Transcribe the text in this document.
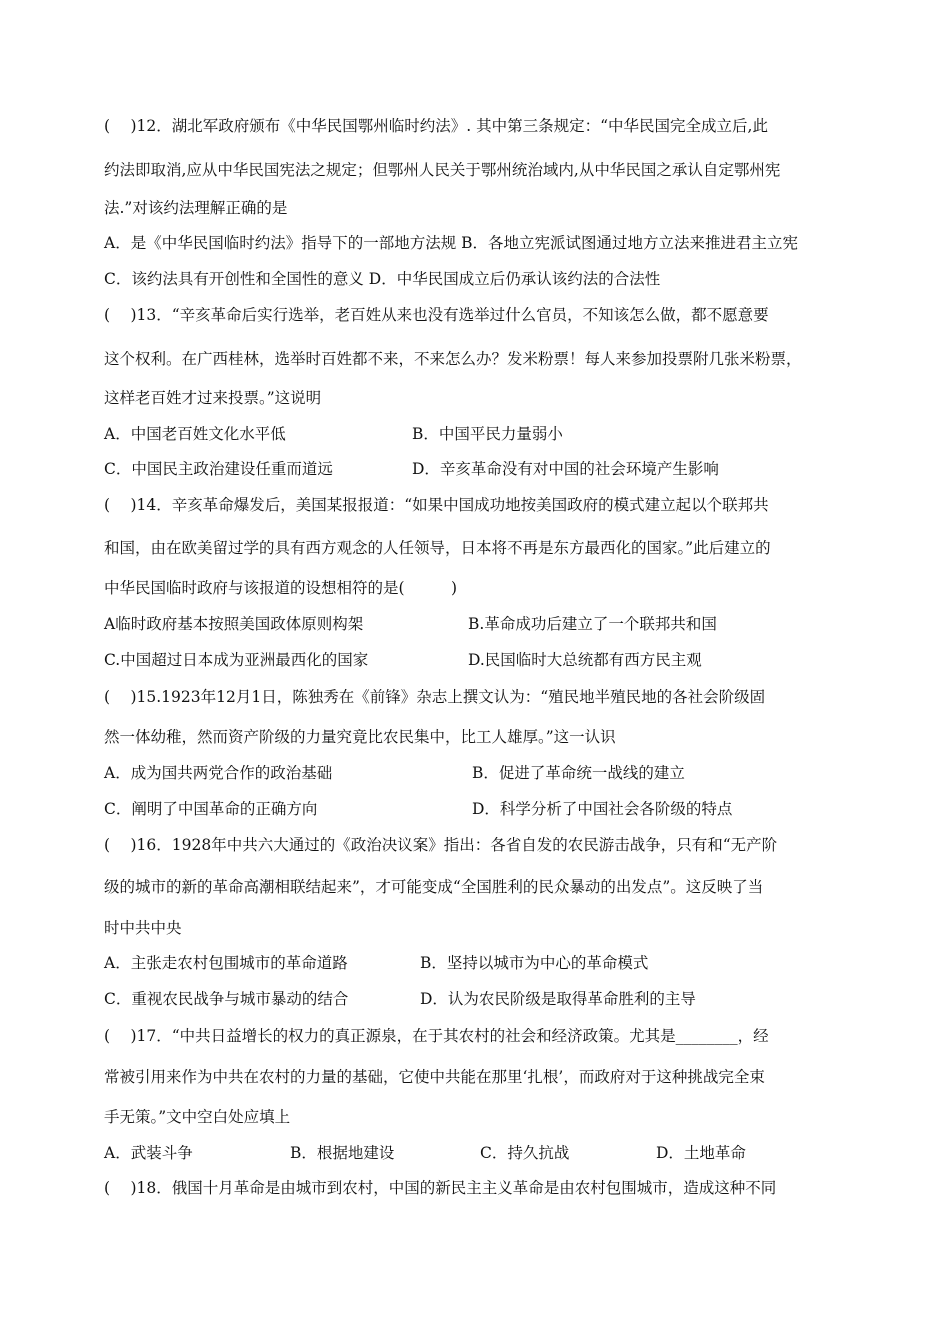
(　 )12．湖北军政府颁布《中华民国鄂州临时约法》. 其中第三条规定：“中华民国完全成立后,此
约法即取消,应从中华民国宪法之规定；但鄂州人民关于鄂州统治域内,从中华民国之承认自定鄂州宪
法.”对该约法理解正确的是
A．是《中华民国临时约法》指导下的一部地方法规 B．各地立宪派试图通过地方立法来推进君主立宪
C．该约法具有开创性和全国性的意义 D．中华民国成立后仍承认该约法的合法性
(　 )13．“辛亥革命后实行选举，老百姓从来也没有选举过什么官员，不知该怎么做，都不愿意要
这个权利。在广西桂林，选举时百姓都不来，不来怎么办？发米粉票！每人来参加投票附几张米粉票，
这样老百姓才过来投票。”这说明
A．中国老百姓文化水平低	B．中国平民力量弱小
C．中国民主政治建设任重而道远	D．辛亥革命没有对中国的社会环境产生影响
(　 )14．辛亥革命爆发后，美国某报报道：“如果中国成功地按美国政府的模式建立起以个联邦共
和国，由在欧美留过学的具有西方观念的人任领导，日本将不再是东方最西化的国家。”此后建立的
中华民国临时政府与该报道的设想相符的是(　　　)
A临时政府基本按照美国政体原则构架	B.革命成功后建立了一个联邦共和国
C.中国超过日本成为亚洲最西化的国家	D.民国临时大总统都有西方民主观
(　 )15.1923年12月1日，陈独秀在《前锋》杂志上撰文认为：“殖民地半殖民地的各社会阶级固
然一体幼稚，然而资产阶级的力量究竟比农民集中，比工人雄厚。”这一认识
A．成为国共两党合作的政治基础	B．促进了革命统一战线的建立
C．阐明了中国革命的正确方向	D．科学分析了中国社会各阶级的特点
(　 )16．1928年中共六大通过的《政治决议案》指出：各省自发的农民游击战争，只有和“无产阶
级的城市的新的革命高潮相联结起来”，才可能变成“全国胜利的民众暴动的出发点”。这反映了当
时中共中央
A．主张走农村包围城市的革命道路	B．坚持以城市为中心的革命模式
C．重视农民战争与城市暴动的结合	D．认为农民阶级是取得革命胜利的主导
(　 )17．“中共日益增长的权力的真正源泉，在于其农村的社会和经济政策。尤其是________，经
常被引用来作为中共在农村的力量的基础，它使中共能在那里‘扎根’，而政府对于这种挑战完全束
手无策。”文中空白处应填上
A．武装斗争	B．根据地建设	C．持久抗战	D．土地革命
(　 )18．俄国十月革命是由城市到农村，中国的新民主主义革命是由农村包围城市，造成这种不同
